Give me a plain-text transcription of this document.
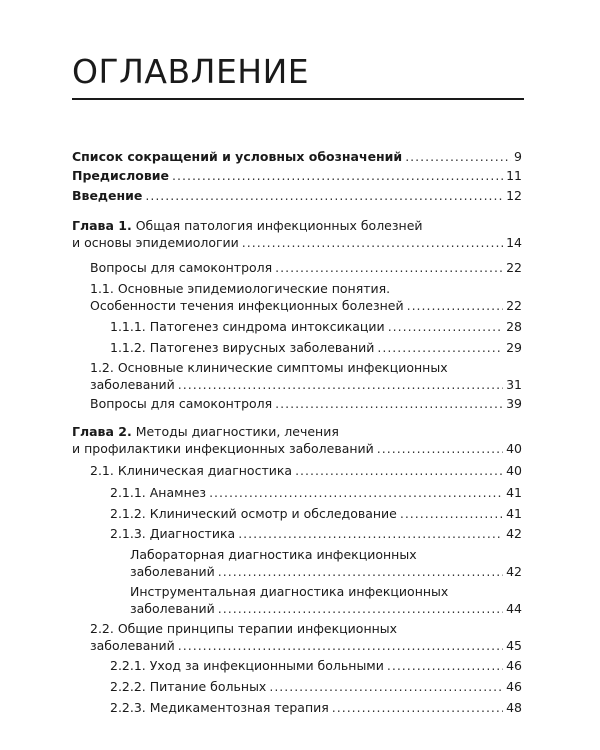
ОГЛАВЛЕНИЕ
Список сокращений и условных обозначений .....	9
Предисловие .....	11
Введение .....	12
Глава 1. Общая патология инфекционных болезней
и основы эпидемиологии .....	14
Вопросы для самоконтроля .....	22
1.1. Основные эпидемиологические понятия.
Особенности течения инфекционных болезней .....	22
1.1.1. Патогенез синдрома интоксикации .....	28
1.1.2. Патогенез вирусных заболеваний .....	29
1.2. Основные клинические симптомы инфекционных
заболеваний .....	31
Вопросы для самоконтроля .....	39
Глава 2. Методы диагностики, лечения
и профилактики инфекционных заболеваний .....	40
2.1. Клиническая диагностика .....	40
2.1.1. Анамнез .....	41
2.1.2. Клинический осмотр и обследование .....	41
2.1.3. Диагностика .....	42
Лабораторная диагностика инфекционных
заболеваний .....	42
Инструментальная диагностика инфекционных
заболеваний .....	44
2.2. Общие принципы терапии инфекционных
заболеваний .....	45
2.2.1. Уход за инфекционными больными .....	46
2.2.2. Питание больных .....	46
2.2.3. Медикаментозная терапия .....	48
